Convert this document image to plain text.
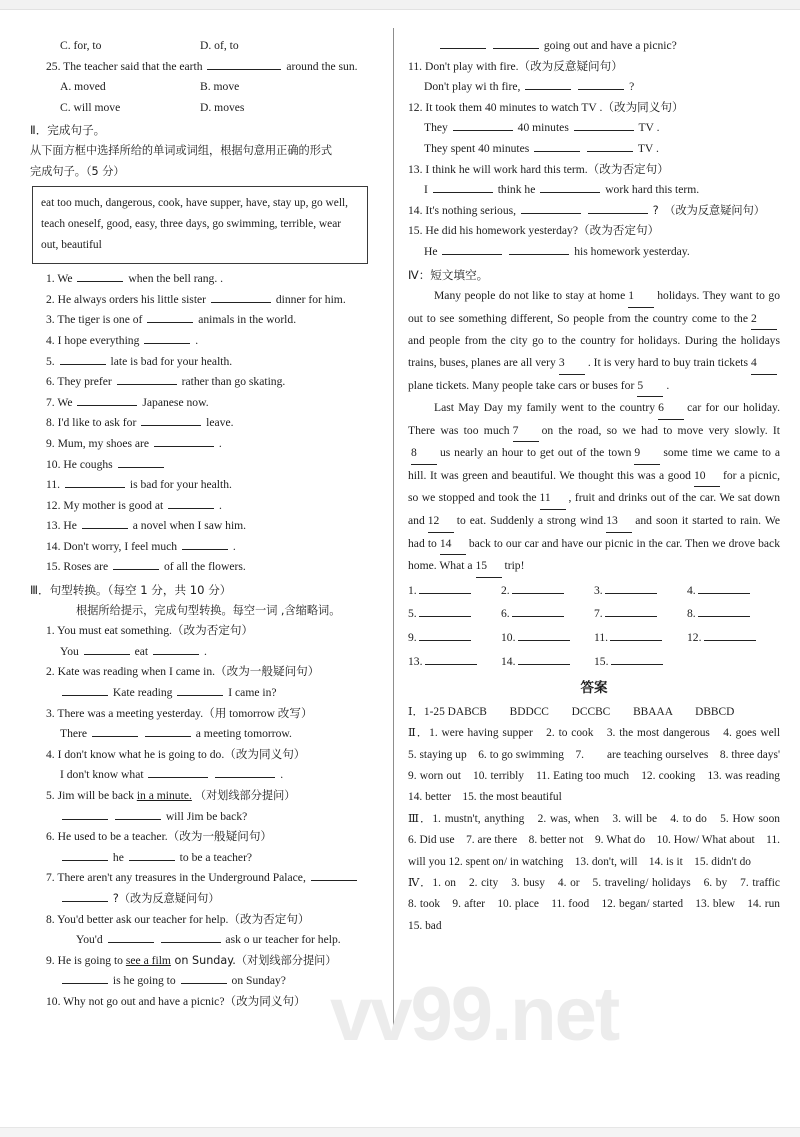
vv99.net
C. for, to	D. of, to
25. The teacher said that the earth	around the sun.
A. moved	B. move
C. will move	D. moves
Ⅱ．完成句子。
从下面方框中选择所给的单词或词组，根据句意用正确的形式
完成句子。（5 分）
eat too much, dangerous, cook, have supper, have, stay up, go well, teach oneself, good, easy, three days, go swimming, terrible, wear out, beautiful
1. We	when the bell rang. .
2. He always orders his little sister	dinner for him.
3. The tiger is one of	animals in the world.
4. I hope everything	.
5.	late is bad for your health.
6. They prefer	rather than go skating.
7. We	Japanese now.
8. I'd like to ask for	leave.
9. Mum, my shoes are	.
10. He coughs
11.	is bad for your health.
12. My mother is good at	.
13. He	a novel when I saw him.
14. Don't worry, I feel much	.
15. Roses are	of all the flowers.
Ⅲ．句型转换。（每空 1 分，共 10 分）
根据所给提示，完成句型转换。每空一词 ,含缩略词。
1. You must eat something.（改为否定句）
You	eat	.
2. Kate was reading when I came in.（改为一般疑问句）
Kate reading	I came in?
3. There was a meeting yesterday.（用 tomorrow 改写）
There	a meeting tomorrow.
4. I don't know what he is going to do.（改为同义句）
I don't know what	.
5. Jim will be back in a minute. （对划线部分提问）
will Jim be back?
6. He used to be a teacher.（改为一般疑问句）
he	to be a teacher?
7. There aren't any treasures in the Underground Palace,
?（改为反意疑问句）
8. You'd better ask our teacher for help.（改为否定句）
You'd	ask o ur teacher for help.
9. He is going to see a film on Sunday.（对划线部分提问）
is he going to	on Sunday?
10. Why not go out and have a picnic?（改为同义句）
going out and have a picnic?
11. Don't play with fire.（改为反意疑问句）
Don't play wi th fire,	?
12. It took them 40 minutes to watch TV .（改为同义句）
They	40 minutes	TV .
They spent 40 minutes	TV .
13. I think he will work hard this term.（改为否定句）
I	think he	work hard this term.
14. It's nothing serious,	?　（改为反意疑问句）
15. He did his homework yesterday?（改为否定句）
He	his homework yesterday.
Ⅳ：短文填空。
Many people do not like to stay at home 1 holidays. They want to go out to see something different, So people from the country come to the 2and people from the city go to the country for holidays. During the holidays trains, buses, planes are all very 3 . It is very hard to buy train tickets 4plane tickets. Many people take cars or buses for 5 .
Last May Day my family went to the country 6 car for our holiday. There was too much 7 on the road, so we had to move very slowly. It8 us nearly an hour to get out of the town 9 some time we came to a hill. It was green and beautiful. We thought this was a good 10 for a picnic, so we stopped and took the 11 , fruit and drinks out of the car. We sat down and 12 to eat. Suddenly a strong wind 13 and soon it started to rain. We had to 14 back to our car and have our picnic in the car. Then we drove back home. What a 15 trip!
1.	2.	3.	4.
5.	6.	7.	8.
9.	10.	11.	12.
13.	14.	15.
答案
Ⅰ．1-25 DABCB　　BDDCC　　DCCBC　　BBAAA　　DBBCD
Ⅱ．1. were having supper　2. to cook　3. the most dangerous　4. goes well　5. staying up　6. to go swimming　7.　　are teaching ourselves　8. three days'　9. worn out　10. terribly　11. Eating too much　12. cooking　13. was reading　14. better　15. the most beautiful
Ⅲ．1. mustn't, anything　2. was, when　3. will be　4. to do　5. How soon　6. Did use　7. are there　8. better not　9. What do　10. How/ What about　11. will you 12. spent on/ in watching　13. don't, will　14. is it　15. didn't do
Ⅳ．1. on　2. city　3. busy　4. or　5. traveling/ holidays　6. by　7. traffic　8. took　9. after　10. place　11. food　12. began/ started　13. blew　14. run　15. bad
